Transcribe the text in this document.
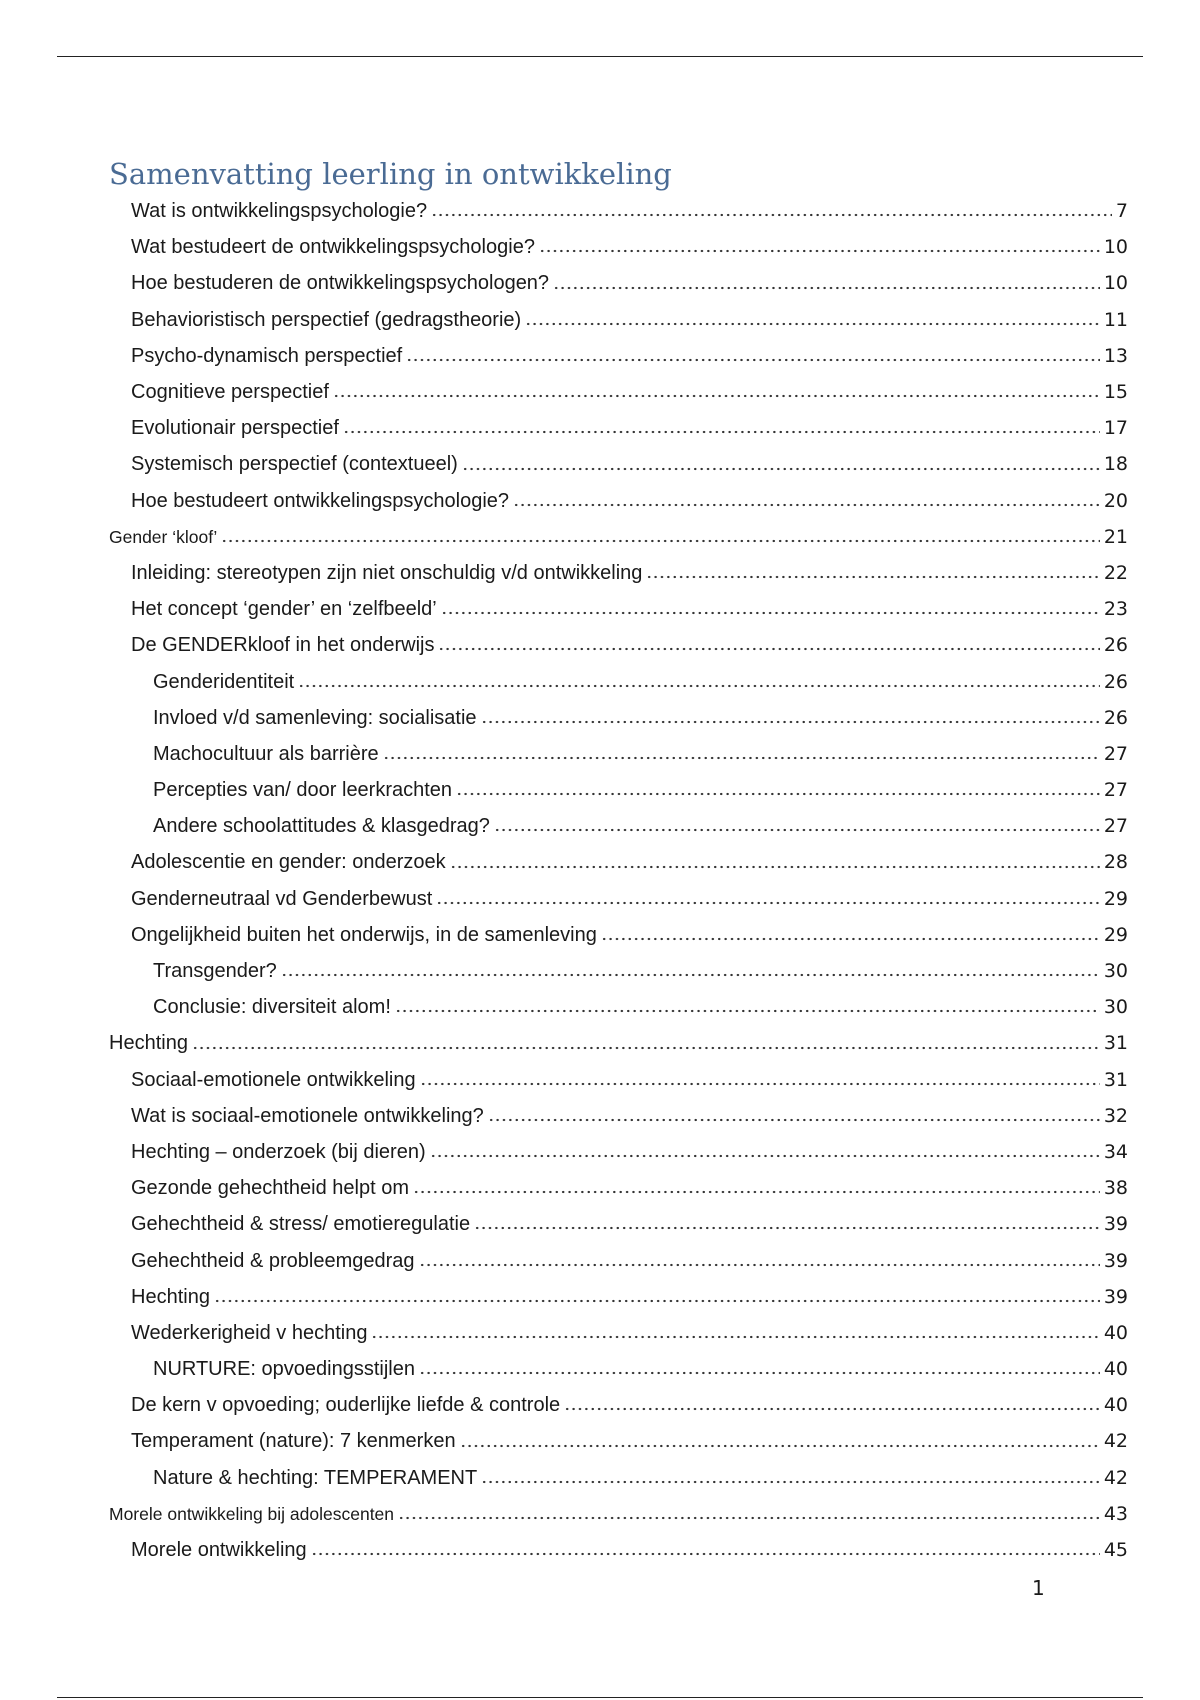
Samenvatting leerling in ontwikkeling
Wat is ontwikkelingspsychologie?	7
Wat bestudeert de ontwikkelingspsychologie?	10
Hoe bestuderen de ontwikkelingspsychologen?	10
Behavioristisch perspectief (gedragstheorie)	11
Psycho-dynamisch perspectief	13
Cognitieve perspectief	15
Evolutionair perspectief	17
Systemisch perspectief (contextueel)	18
Hoe bestudeert ontwikkelingspsychologie?	20
Gender ‘kloof’	21
Inleiding: stereotypen zijn niet onschuldig v/d ontwikkeling	22
Het concept ‘gender’ en ‘zelfbeeld’	23
De GENDERkloof in het onderwijs	26
Genderidentiteit	26
Invloed v/d samenleving: socialisatie	26
Machocultuur als barrière	27
Percepties van/ door leerkrachten	27
Andere schoolattitudes & klasgedrag?	27
Adolescentie en gender: onderzoek	28
Genderneutraal vd Genderbewust	29
Ongelijkheid buiten het onderwijs, in de samenleving	29
Transgender?	30
Conclusie: diversiteit alom!	30
Hechting	31
Sociaal-emotionele ontwikkeling	31
Wat is sociaal-emotionele ontwikkeling?	32
Hechting – onderzoek (bij dieren)	34
Gezonde gehechtheid helpt om	38
Gehechtheid & stress/ emotieregulatie	39
Gehechtheid & probleemgedrag	39
Hechting	39
Wederkerigheid v hechting	40
NURTURE: opvoedingsstijlen	40
De kern v opvoeding; ouderlijke liefde & controle	40
Temperament (nature): 7 kenmerken	42
Nature & hechting: TEMPERAMENT	42
Morele ontwikkeling bij adolescenten	43
Morele ontwikkeling	45
1
